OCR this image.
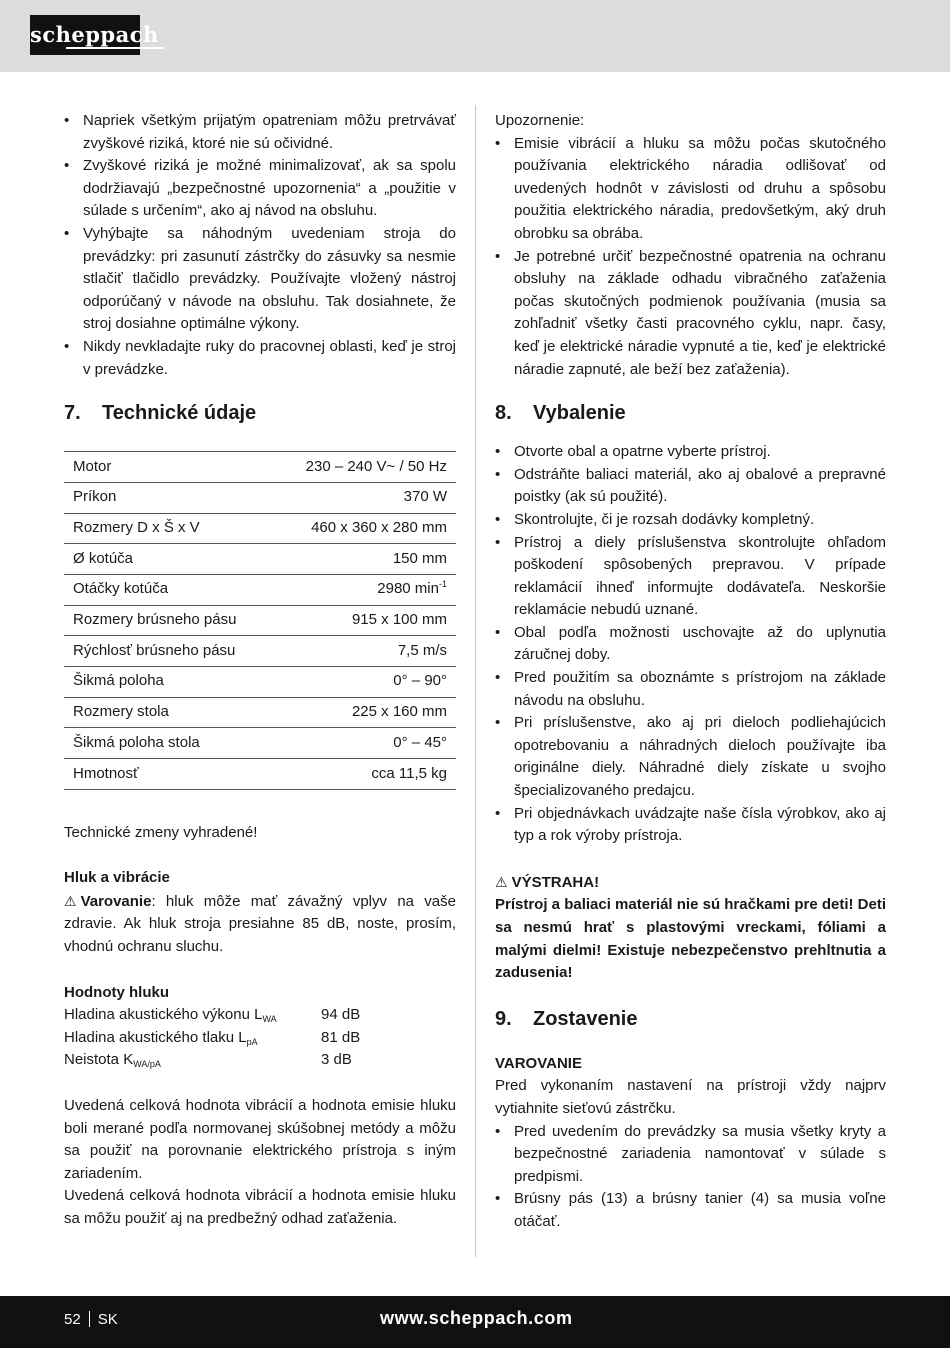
scheppach
• Napriek všetkým prijatým opatreniam môžu pretrvávať zvyškové riziká, ktoré nie sú očividné.
• Zvyškové riziká je možné minimalizovať, ak sa spolu dodržiavajú „bezpečnostné upozornenia“ a „použitie v súlade s určením“, ako aj návod na obsluhu.
• Vyhýbajte sa náhodným uvedeniam stroja do prevádzky: pri zasunutí zástrčky do zásuvky sa nesmie stlačiť tlačidlo prevádzky. Používajte vložený nástroj odporúčaný v návode na obsluhu. Tak dosiahnete, že stroj dosiahne optimálne výkony.
• Nikdy nevkladajte ruky do pracovnej oblasti, keď je stroj v prevádzke.
7. Technické údaje
Motor	230 – 240 V~ / 50 Hz
Príkon	370 W
Rozmery D x Š x V	460 x 360 x 280 mm
Ø kotúča	150 mm
Otáčky kotúča	2980 $\min^{-1}$
Rozmery brúsneho pásu	915 x 100 mm
Rýchlosť brúsneho pásu	7,5 m/s
Šikmá poloha	0° – 90°
Rozmery stola	225 x 160 mm
Šikmá poloha stola	0° – 45°
Hmotnosť	cca 11,5 kg
Technické zmeny vyhradené!
Hluk a vibrácie
⚠ Varovanie: hluk môže mať závažný vplyv na vaše zdravie. Ak hluk stroja presiahne 85 dB, noste, prosím, vhodnú ochranu sluchu.
Hodnoty hluku
Hladina akustického výkonu $L_{WA}$	94 dB
Hladina akustického tlaku $L_{pA}$	81 dB
Neistota $K_{WA/pA}$	3 dB
Uvedená celková hodnota vibrácií a hodnota emisie hluku boli merané podľa normovanej skúšobnej metódy a môžu sa použiť na porovnanie elektrického prístroja s iným zariadením.
Uvedená celková hodnota vibrácií a hodnota emisie hluku sa môžu použiť aj na predbežný odhad zaťaženia.
Upozornenie:
• Emisie vibrácií a hluku sa môžu počas skutočného používania elektrického náradia odlišovať od uvedených hodnôt v závislosti od druhu a spôsobu použitia elektrického náradia, predovšetkým, aký druh obrobku sa obrába.
• Je potrebné určiť bezpečnostné opatrenia na ochranu obsluhy na základe odhadu vibračného zaťaženia počas skutočných podmienok používania (musia sa zohľadniť všetky časti pracovného cyklu, napr. časy, keď je elektrické náradie vypnuté a tie, keď je elektrické náradie zapnuté, ale beží bez zaťaženia).
8. Vybalenie
• Otvorte obal a opatrne vyberte prístroj.
• Odstráňte baliaci materiál, ako aj obalové a prepravné poistky (ak sú použité).
• Skontrolujte, či je rozsah dodávky kompletný.
• Prístroj a diely príslušenstva skontrolujte ohľadom poškodení spôsobených prepravou. V prípade reklamácií ihneď informujte dodávateľa. Neskoršie reklamácie nebudú uznané.
• Obal podľa možnosti uschovajte až do uplynutia záručnej doby.
• Pred použitím sa oboznámte s prístrojom na základe návodu na obsluhu.
• Pri príslušenstve, ako aj pri dieloch podliehajúcich opotrebovaniu a náhradných dieloch používajte iba originálne diely. Náhradné diely získate u svojho špecializovaného predajcu.
• Pri objednávkach uvádzajte naše čísla výrobkov, ako aj typ a rok výroby prístroja.
⚠ VÝSTRAHA!
Prístroj a baliaci materiál nie sú hračkami pre deti! Deti sa nesmú hrať s plastovými vreckami, fóliami a malými dielmi! Existuje nebezpečenstvo prehltnutia a zadusenia!
9. Zostavenie
VAROVANIE
Pred vykonaním nastavení na prístroji vždy najprv vytiahnite sieťovú zástrčku.
• Pred uvedením do prevádzky sa musia všetky kryty a bezpečnostné zariadenia namontovať v súlade s predpismi.
• Brúsny pás (13) a brúsny tanier (4) sa musia voľne otáčať.
52 SK	www.scheppach.com
